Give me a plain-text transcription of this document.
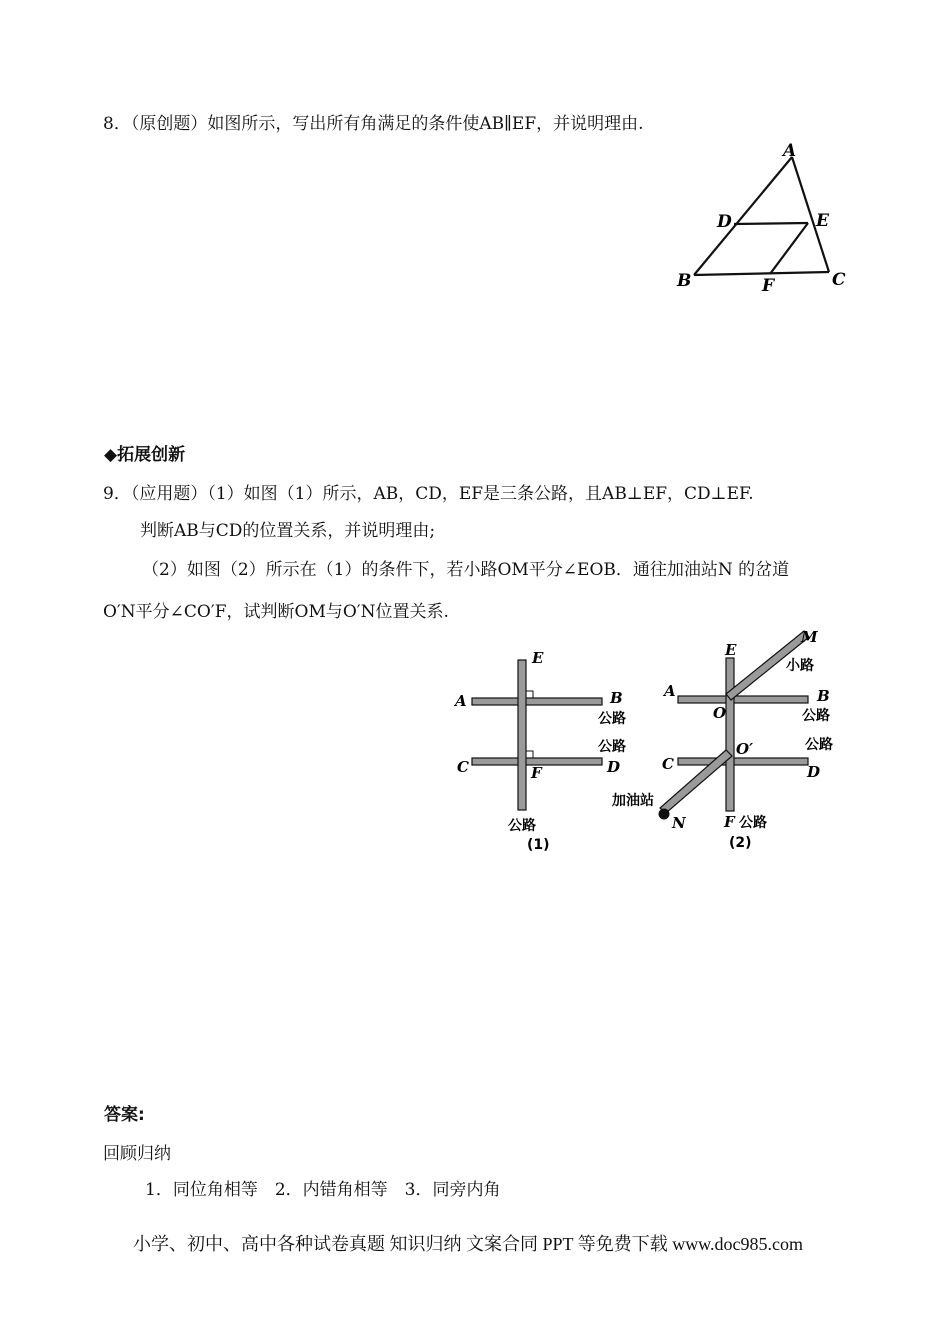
8．（原创题）如图所示，写出所有角满足的条件使AB∥EF，并说明理由.
A
D	E
B	F	C
◆拓展创新
9．（应用题）（1）如图（1）所示，AB，CD，EF是三条公路，且AB⊥EF，CD⊥EF.
判断AB与CD的位置关系，并说明理由;
（2）如图（2）所示在（1）的条件下，若小路OM平分∠EOB．通往加油站N 的岔道
O′N平分∠CO′F，试判断OM与O′N位置关系.
E
A	B
公路
公路
C	F	D
公路
(1)
M
小路
E
A	B
O	公路
O′	公路
C	D
加油站
N	F 公路
(2)
答案:
回顾归纳
1．同位角相等　2．内错角相等　3．同旁内角
小学、初中、高中各种试卷真题 知识归纳 文案合同 PPT 等免费下载 www.doc985.com
